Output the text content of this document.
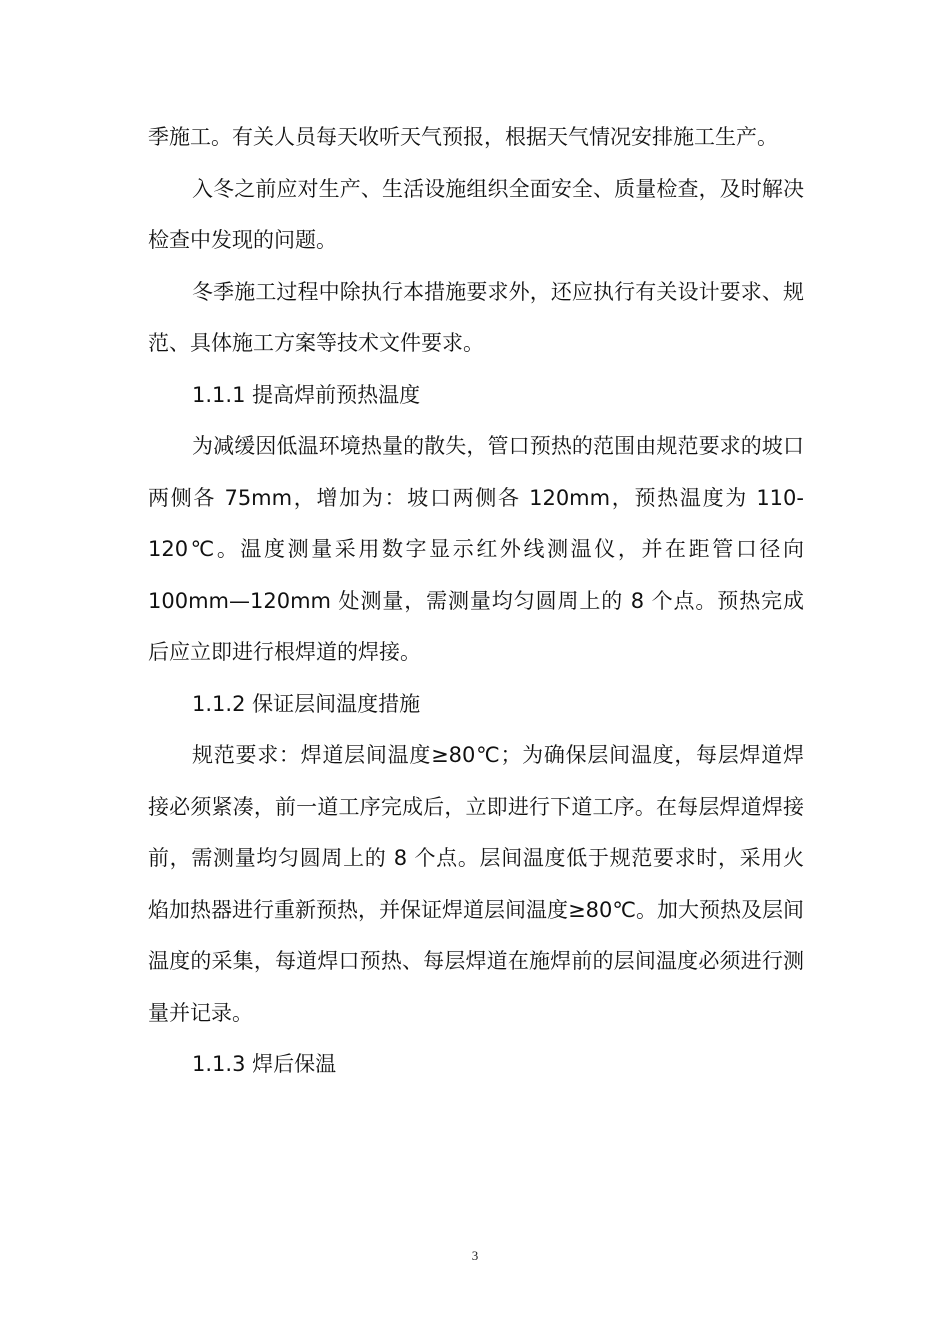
季施工。有关人员每天收听天气预报，根据天气情况安排施工生产。

入冬之前应对生产、生活设施组织全面安全、质量检查，及时解决检查中发现的问题。

冬季施工过程中除执行本措施要求外，还应执行有关设计要求、规范、具体施工方案等技术文件要求。

1.1.1 提高焊前预热温度

为减缓因低温环境热量的散失，管口预热的范围由规范要求的坡口两侧各 75mm，增加为：坡口两侧各 120mm，预热温度为 110-120℃。温度测量采用数字显示红外线测温仪，并在距管口径向 100mm—120mm 处测量，需测量均匀圆周上的 8 个点。预热完成后应立即进行根焊道的焊接。

1.1.2 保证层间温度措施

规范要求：焊道层间温度≥80℃；为确保层间温度，每层焊道焊接必须紧凑，前一道工序完成后，立即进行下道工序。在每层焊道焊接前，需测量均匀圆周上的 8 个点。层间温度低于规范要求时，采用火焰加热器进行重新预热，并保证焊道层间温度≥80℃。加大预热及层间温度的采集，每道焊口预热、每层焊道在施焊前的层间温度必须进行测量并记录。

1.1.3 焊后保温

3
